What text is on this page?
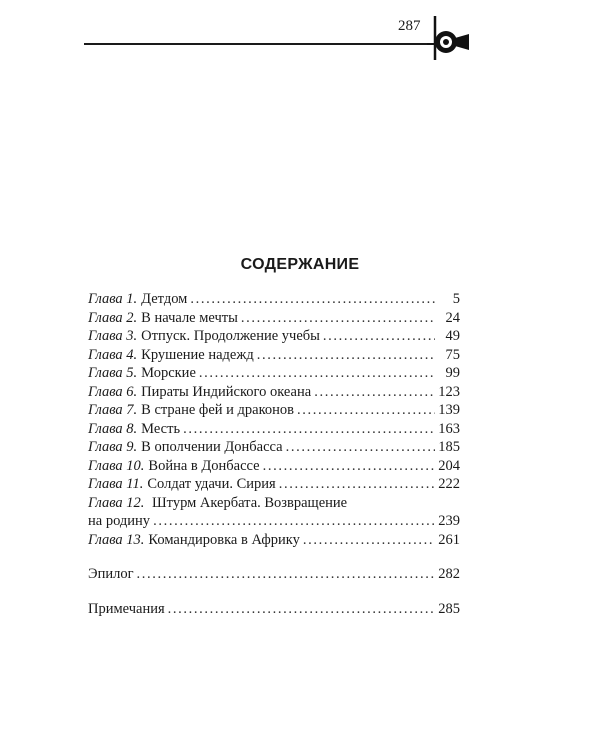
287
СОДЕРЖАНИЕ
Глава 1. Детдом . . .	5
Глава 2. В начале мечты . . .	24
Глава 3. Отпуск. Продолжение учебы . . .	49
Глава 4. Крушение надежд . . .	75
Глава 5. Морские . . .	99
Глава 6. Пираты Индийского океана . . .	123
Глава 7. В стране фей и драконов . . .	139
Глава 8. Месть . . .	163
Глава 9. В ополчении Донбасса . . .	185
Глава 10. Война в Донбассе . . .	204
Глава 11. Солдат удачи. Сирия . . .	222
Глава 12. Штурм Акербата. Возвращение
на родину . . .	239
Глава 13. Командировка в Африку . . .	261
Эпилог . . .	282
Примечания . . .	285
